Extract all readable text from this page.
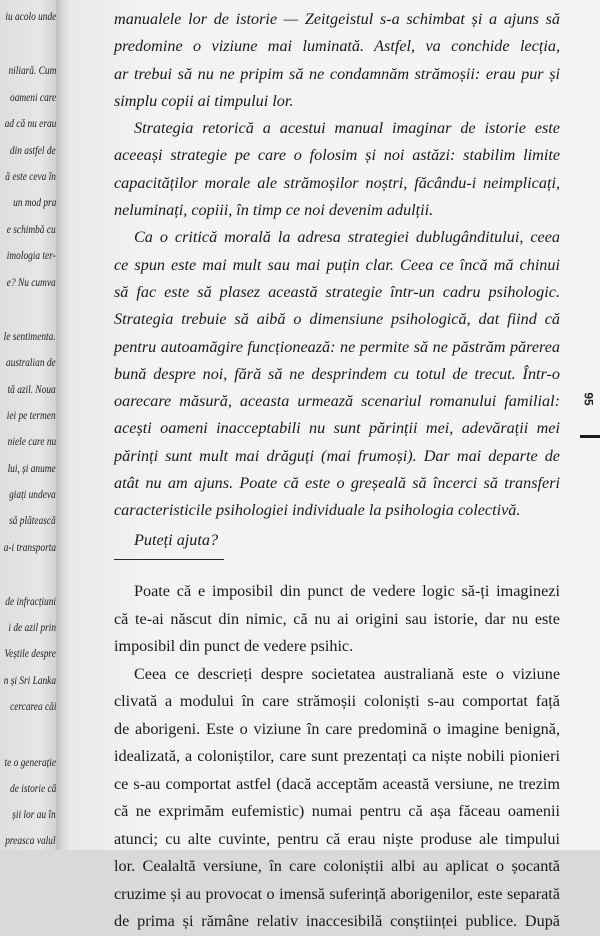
iu acolo unde
niliară. Cum
oameni care
ad că nu erau
din astfel de
ă este ceva în
un mod pra
e schimbă cu
imologia ter-
e? Nu cumva
le sentimenta.
australian de
tă azil. Noua
iei pe termen
niele care nu
lui, și anume
giați undeva
să plătească
a-i transporta
de infracțiuni
i de azil prin
Veștile despre
n și Sri Lanka
cercarea căi
te o generație
de istorie că
șii lor au în
preasca valul
manualele lor de istorie — Zeitgeistul s-a schimbat și a ajuns să
predomine o viziune mai luminată. Astfel, va conchide lecția,
ar trebui să nu ne pripim să ne condamnăm strămoșii: erau pur și
simplu copii ai timpului lor.
Strategia retorică a acestui manual imaginar de istorie este
aceeași strategie pe care o folosim și noi astăzi: stabilim limite
capacităților morale ale strămoșilor noștri, făcându-i neimplicați,
neluminați, copiii, în timp ce noi devenim adulții.
Ca o critică morală la adresa strategiei dublugânditului, ceea
ce spun este mai mult sau mai puțin clar. Ceea ce încă mă chinui
să fac este să plasez această strategie într-un cadru psihologic.
Strategia trebuie să aibă o dimensiune psihologică, dat fiind că
pentru autoamăgire funcționează: ne permite să ne păstrăm părerea
bună despre noi, fără să ne desprindem cu totul de trecut. Într-o
oarecare măsură, aceasta urmează scenariul romanului familial:
acești oameni inacceptabili nu sunt părinții mei, adevărații mei
părinți sunt mult mai drăguți (mai frumoși). Dar mai departe de
atât nu am ajuns. Poate că este o greșeală să încerci să transferi
caracteristicile psihologiei individuale la psihologia colectivă.
Puteți ajuta?
Poate că e imposibil din punct de vedere logic să-ți imaginezi
că te-ai născut din nimic, că nu ai origini sau istorie, dar nu este
imposibil din punct de vedere psihic.
Ceea ce descrieți despre societatea australiană este o viziune
clivată a modului în care strămoșii coloniști s-au comportat față
de aborigeni. Este o viziune în care predomină o imagine benignă,
idealizată, a coloniștilor, care sunt prezentați ca niște nobili pionieri
ce s-au comportat astfel (dacă acceptăm această versiune, ne trezim
că ne exprimăm eufemistic) numai pentru că așa făceau oamenii
atunci; cu alte cuvinte, pentru că erau niște produse ale timpului
lor. Cealaltă versiune, în care coloniștii albi au aplicat o șocantă
cruzime și au provocat o imensă suferință aborigenilor, este separată
de prima și rămâne relativ inaccesibilă conștiinței publice. După
95
